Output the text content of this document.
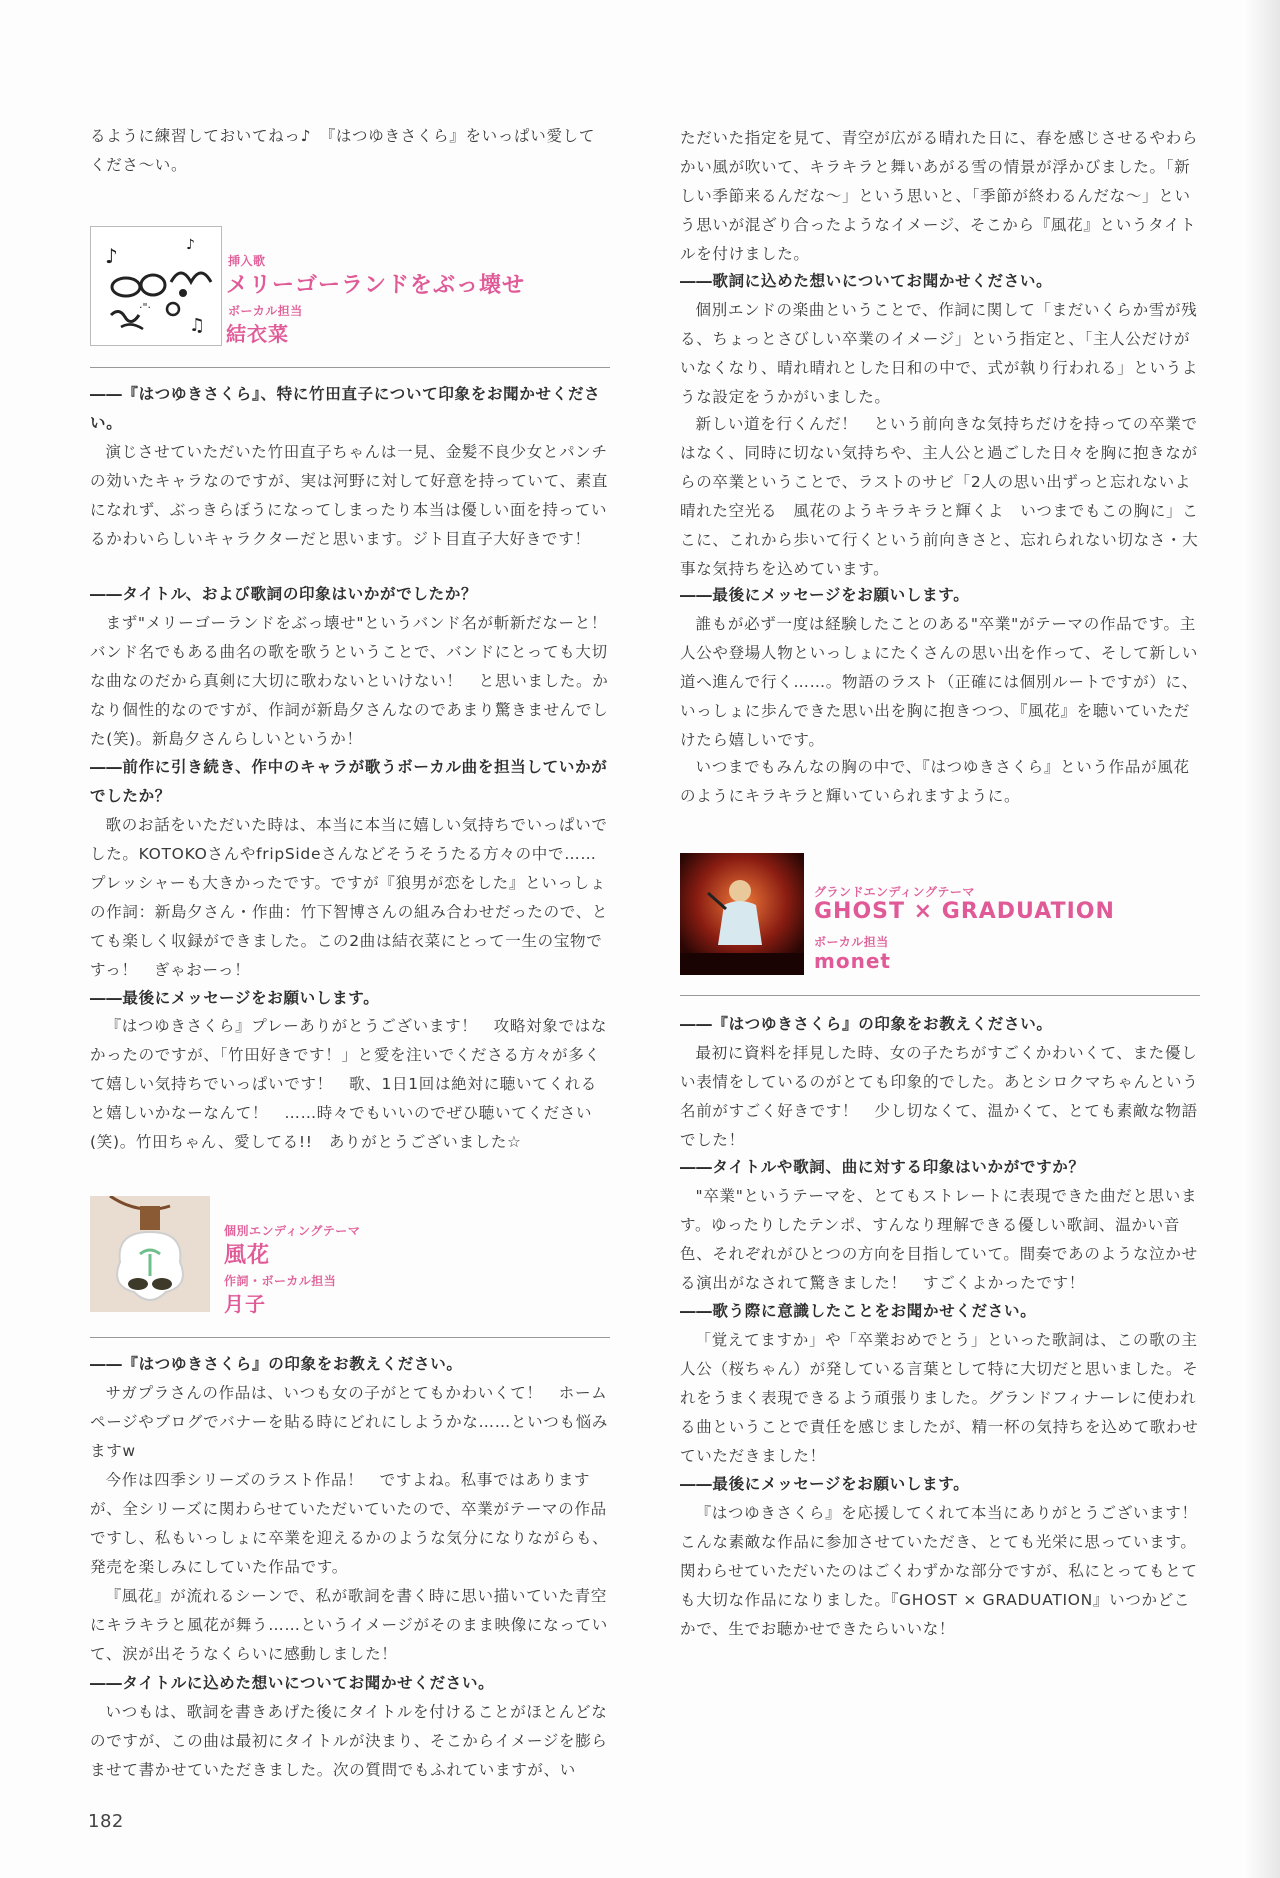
るように練習しておいてねっ♪　『はつゆきさくら』をいっぱい愛してくださ〜い。

♪	♪
·"·
♫
挿入歌
メリーゴーランドをぶっ壊せ
ボーカル担当
結衣菜

――『はつゆきさくら』、特に竹田直子について印象をお聞かせください。

演じさせていただいた竹田直子ちゃんは一見、金髪不良少女とパンチの効いたキャラなのですが、実は河野に対して好意を持っていて、素直になれず、ぶっきらぼうになってしまったり本当は優しい面を持っているかわいらしいキャラクターだと思います。ジト目直子大好きです！

――タイトル、および歌詞の印象はいかがでしたか？

まず"メリーゴーランドをぶっ壊せ"というバンド名が斬新だなーと！　バンド名でもある曲名の歌を歌うということで、バンドにとっても大切な曲なのだから真剣に大切に歌わないといけない！　と思いました。かなり個性的なのですが、作詞が新島夕さんなのであまり驚きませんでした(笑)。新島夕さんらしいというか！

――前作に引き続き、作中のキャラが歌うボーカル曲を担当していかがでしたか？

歌のお話をいただいた時は、本当に本当に嬉しい気持ちでいっぱいでした。KOTOKOさんやfripSideさんなどそうそうたる方々の中で……プレッシャーも大きかったです。ですが『狼男が恋をした』といっしょの作詞：新島夕さん・作曲：竹下智博さんの組み合わせだったので、とても楽しく収録ができました。この2曲は結衣菜にとって一生の宝物ですっ！　ぎゃおーっ！

――最後にメッセージをお願いします。

『はつゆきさくら』プレーありがとうございます！　攻略対象ではなかったのですが、「竹田好きです！」と愛を注いでくださる方々が多くて嬉しい気持ちでいっぱいです！　歌、1日1回は絶対に聴いてくれると嬉しいかなーなんて！　……時々でもいいのでぜひ聴いてください(笑)。竹田ちゃん、愛してる!!　ありがとうございました☆

個別エンディングテーマ
風花
作詞・ボーカル担当
月子

――『はつゆきさくら』の印象をお教えください。

サガプラさんの作品は、いつも女の子がとてもかわいくて！　ホームページやブログでバナーを貼る時にどれにしようかな……といつも悩みますw

今作は四季シリーズのラスト作品！　ですよね。私事ではありますが、全シリーズに関わらせていただいていたので、卒業がテーマの作品ですし、私もいっしょに卒業を迎えるかのような気分になりながらも、発売を楽しみにしていた作品です。

『風花』が流れるシーンで、私が歌詞を書く時に思い描いていた青空にキラキラと風花が舞う……というイメージがそのまま映像になっていて、涙が出そうなくらいに感動しました！

――タイトルに込めた想いについてお聞かせください。

いつもは、歌詞を書きあげた後にタイトルを付けることがほとんどなのですが、この曲は最初にタイトルが決まり、そこからイメージを膨らませて書かせていただきました。次の質問でもふれていますが、い

ただいた指定を見て、青空が広がる晴れた日に、春を感じさせるやわらかい風が吹いて、キラキラと舞いあがる雪の情景が浮かびました。「新しい季節来るんだな〜」という思いと、「季節が終わるんだな〜」という思いが混ざり合ったようなイメージ、そこから『風花』というタイトルを付けました。

――歌詞に込めた想いについてお聞かせください。

個別エンドの楽曲ということで、作詞に関して「まだいくらか雪が残る、ちょっとさびしい卒業のイメージ」という指定と、「主人公だけがいなくなり、晴れ晴れとした日和の中で、式が執り行われる」というような設定をうかがいました。

新しい道を行くんだ！　という前向きな気持ちだけを持っての卒業ではなく、同時に切ない気持ちや、主人公と過ごした日々を胸に抱きながらの卒業ということで、ラストのサビ「2人の思い出ずっと忘れないよ　晴れた空光る　風花のようキラキラと輝くよ　いつまでもこの胸に」ここに、これから歩いて行くという前向きさと、忘れられない切なさ・大事な気持ちを込めています。

――最後にメッセージをお願いします。

誰もが必ず一度は経験したことのある"卒業"がテーマの作品です。主人公や登場人物といっしょにたくさんの思い出を作って、そして新しい道へ進んで行く……。物語のラスト（正確には個別ルートですが）に、いっしょに歩んできた思い出を胸に抱きつつ、『風花』を聴いていただけたら嬉しいです。

いつまでもみんなの胸の中で、『はつゆきさくら』という作品が風花のようにキラキラと輝いていられますように。

グランドエンディングテーマ
GHOST × GRADUATION
ボーカル担当
monet

――『はつゆきさくら』の印象をお教えください。

最初に資料を拝見した時、女の子たちがすごくかわいくて、また優しい表情をしているのがとても印象的でした。あとシロクマちゃんという名前がすごく好きです！　少し切なくて、温かくて、とても素敵な物語でした！

――タイトルや歌詞、曲に対する印象はいかがですか？

"卒業"というテーマを、とてもストレートに表現できた曲だと思います。ゆったりしたテンポ、すんなり理解できる優しい歌詞、温かい音色、それぞれがひとつの方向を目指していて。間奏であのような泣かせる演出がなされて驚きました！　すごくよかったです！

――歌う際に意識したことをお聞かせください。

「覚えてますか」や「卒業おめでとう」といった歌詞は、この歌の主人公（桜ちゃん）が発している言葉として特に大切だと思いました。それをうまく表現できるよう頑張りました。グランドフィナーレに使われる曲ということで責任を感じましたが、精一杯の気持ちを込めて歌わせていただきました！

――最後にメッセージをお願いします。

『はつゆきさくら』を応援してくれて本当にありがとうございます！こんな素敵な作品に参加させていただき、とても光栄に思っています。関わらせていただいたのはごくわずかな部分ですが、私にとってもとても大切な作品になりました。『GHOST × GRADUATION』いつかどこかで、生でお聴かせできたらいいな！

182
